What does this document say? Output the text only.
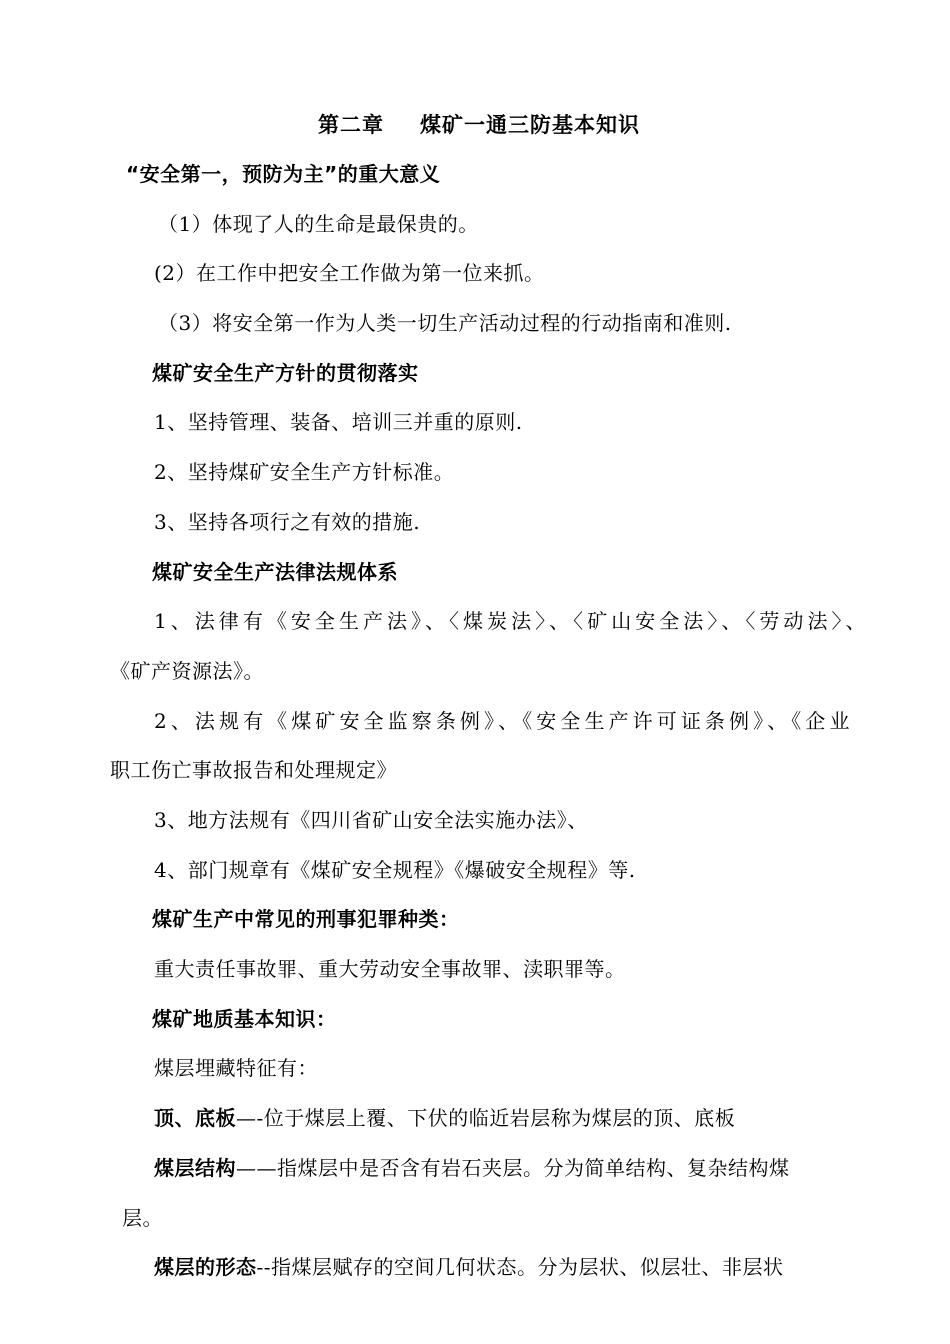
第二章 煤矿一通三防基本知识
“安全第一，预防为主”的重大意义
（1）体现了人的生命是最保贵的。
(2）在工作中把安全工作做为第一位来抓。
（3）将安全第一作为人类一切生产活动过程的行动指南和准则.
煤矿安全生产方针的贯彻落实
1、坚持管理、装备、培训三并重的原则.
2、坚持煤矿安全生产方针标准。
3、坚持各项行之有效的措施.
煤矿安全生产法律法规体系
1、法律有《安全生产法》、〈煤炭法〉、〈矿山安全法〉、〈劳动法〉、
《矿产资源法》。
2、法规有《煤矿安全监察条例》、《安全生产许可证条例》、《企业
职工伤亡事故报告和处理规定》
3、地方法规有《四川省矿山安全法实施办法》、
4、部门规章有《煤矿安全规程》《爆破安全规程》等.
煤矿生产中常见的刑事犯罪种类：
重大责任事故罪、重大劳动安全事故罪、渎职罪等。
煤矿地质基本知识：
煤层埋藏特征有：
顶、底板—-位于煤层上覆、下伏的临近岩层称为煤层的顶、底板
煤层结构——指煤层中是否含有岩石夹层。分为简单结构、复杂结构煤
层。
煤层的形态--指煤层赋存的空间几何状态。分为层状、似层壮、非层状
